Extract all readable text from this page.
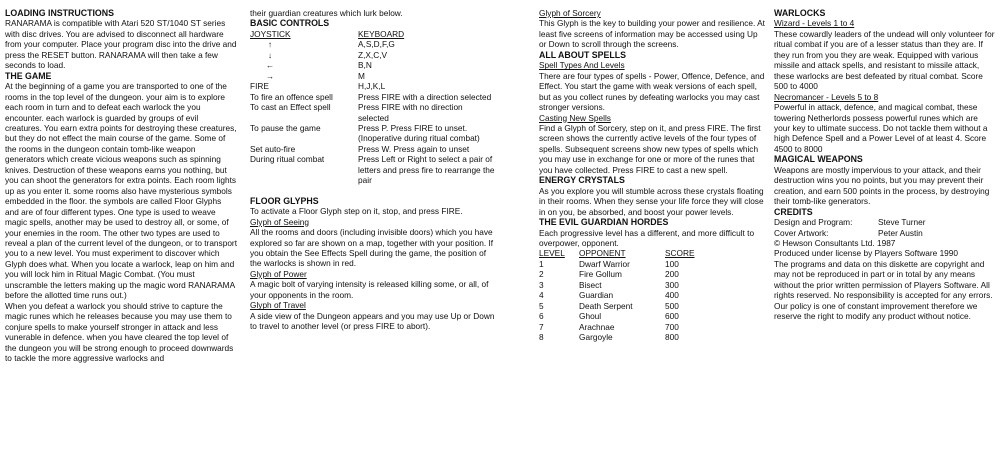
LOADING INSTRUCTIONS

RANARAMA is compatible with Atari 520 ST/1040 ST series with disc drives. You are advised to disconnect all hardware from your computer. Place your program disc into the drive and press the RESET button. RANARAMA will then take a few seconds to load.

THE GAME

At the beginning of a game you are transported to one of the rooms in the top level of the dungeon. your aim is to explore each room in turn and to defeat each warlock the you encounter. each warlock is guarded by groups of evil creatures. You earn extra points for destroying these creatures, but they do not effect the main course of the game. Some of the rooms in the dungeon contain tomb-like weapon generators which create vicious weapons such as spinning knives. Destruction of these weapons earns you nothing, but you can shoot the generators for extra points. Each room lights up as you enter it. some rooms also have mysterious symbols embedded in the floor. the symbols are called Floor Glyphs and are of four different types. One type is used to weave magic spells, another may be used to destroy all, or some, of your enemies in the room. The other two types are used to reveal a plan of the current level of the dungeon, or to transport you to a new level. You must experiment to discover which Glyph does what. When you locate a warlock, leap on him and you will lock him in Ritual Magic Combat. (You must unscramble the letters making up the magic word RANARAMA before the allotted time runs out.)

When you defeat a warlock you should strive to capture the magic runes which he releases because you may use them to conjure spells to make yourself stronger in attack and less vunerable in defence. when you have cleared the top level of the dungeon you will be strong enough to proceed downwards to tackle the more aggressive warlocks and

their guardian creatures which lurk below.

BASIC CONTROLS
JOYSTICK	KEYBOARD
↑	A,S,D,F,G
↓	Z,X,C,V
←	B,N
→	M
FIRE	H,J,K,L
To fire an offence spell	Press FIRE with a direction selected
To cast an Effect spell	Press FIRE with no direction selected
To pause the game	Press P. Press FIRE to unset. (Inoperative during ritual combat)
Set auto-fire	Press W. Press again to unset
During ritual combat	Press Left or Right to select a pair of letters and press fire to rearrange the pair
FLOOR GLYPHS

To activate a Floor Glyph step on it, stop, and press FIRE.

Glyph of Seeing

All the rooms and doors (including invisible doors) which you have explored so far are shown on a map, together with your position. If you obtain the See Effects Spell during the game, the position of the warlocks is shown in red.

Glyph of Power

A magic bolt of varying intensity is released killing some, or all, of your opponents in the room.

Glyph of Travel

A side view of the Dungeon appears and you may use Up or Down to travel to another level (or press FIRE to abort).

Glyph of Sorcery

This Glyph is the key to building your power and resilience. At least five screens of information may be accessed using Up or Down to scroll through the screens.

ALL ABOUT SPELLS
Spell Types And Levels

There are four types of spells - Power, Offence, Defence, and Effect. You start the game with weak versions of each spell, but as you collect runes by defeating warlocks you may cast stronger versions.

Casting New Spells

Find a Glyph of Sorcery, step on it, and press FIRE. The first screen shows the currently active levels of the four types of spells. Subsequent screens show new types of spells which you may use in exchange for one or more of the runes that you have collected. Press FIRE to cast a new spell.

ENERGY CRYSTALS

As you explore you will stumble across these crystals floating in their rooms. When they sense your life force they will close in on you, be absorbed, and boost your power levels.

THE EVIL GUARDIAN HORDES

Each progressive level has a different, and more difficult to overpower, opponent.

LEVEL	OPPONENT	SCORE
1	Dwarf Warrior	100
2	Fire Gollum	200
3	Bisect	300
4	Guardian	400
5	Death Serpent	500
6	Ghoul	600
7	Arachnae	700
8	Gargoyle	800
WARLOCKS
Wizard - Levels 1 to 4

These cowardly leaders of the undead will only volunteer for ritual combat if you are of a lesser status than they are. If they run from you they are weak. Equipped with various missile and attack spells, and resistant to missile attack, these warlocks are best defeated by ritual combat. Score 500 to 4000

Necromancer - Levels 5 to 8

Powerful in attack, defence, and magical combat, these towering Netherlords possess powerful runes which are your key to ultimate success. Do not tackle them without a high Defence Spell and a Power Level of at least 4. Score 4500 to 8000

MAGICAL WEAPONS

Weapons are mostly impervious to your attack, and their destruction wins you no points, but you may prevent their creation, and earn 500 points in the process, by destroying their tomb-like generators.

CREDITS
Design and Program:	Steve Turner
Cover Artwork:	Peter Austin

© Hewson Consultants Ltd. 1987

Produced under license by Players Software 1990

The programs and data on this diskette are copyright and may not be reproduced in part or in total by any means without the prior written permission of Players Software. All rights reserved. No responsibility is accepted for any errors. Our policy is one of constant improvement therefore we reserve the right to modify any product without notice.
